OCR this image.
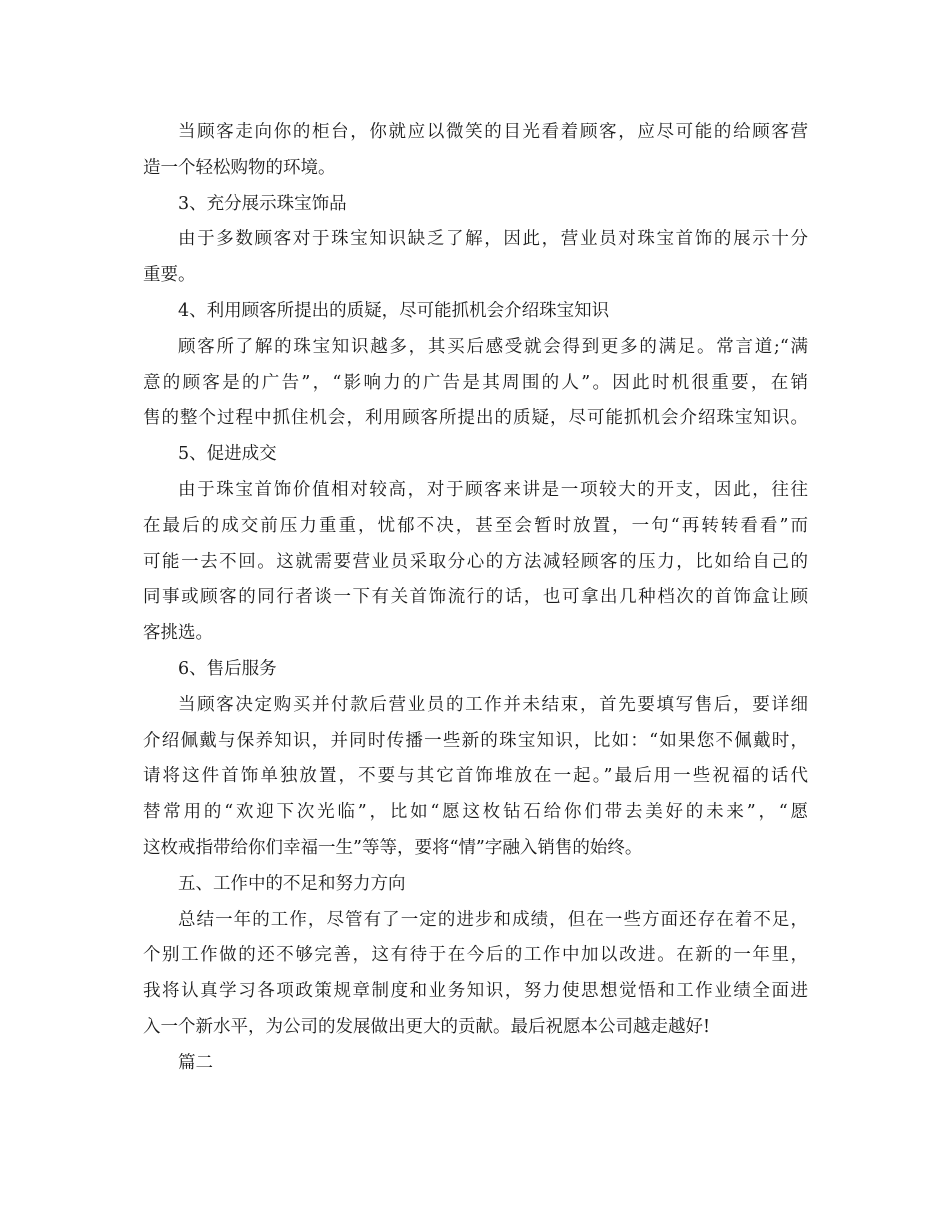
当顾客走向你的柜台，你就应以微笑的目光看着顾客，应尽可能的给顾客营
造一个轻松购物的环境。
3、充分展示珠宝饰品
由于多数顾客对于珠宝知识缺乏了解，因此，营业员对珠宝首饰的展示十分
重要。
4、利用顾客所提出的质疑，尽可能抓机会介绍珠宝知识
顾客所了解的珠宝知识越多，其买后感受就会得到更多的满足。常言道;“满
意的顾客是的广告”，“影响力的广告是其周围的人”。因此时机很重要，在销
售的整个过程中抓住机会，利用顾客所提出的质疑，尽可能抓机会介绍珠宝知识。
5、促进成交
由于珠宝首饰价值相对较高，对于顾客来讲是一项较大的开支，因此，往往
在最后的成交前压力重重，忧郁不决，甚至会暂时放置，一句“再转转看看”而
可能一去不回。这就需要营业员采取分心的方法减轻顾客的压力，比如给自己的
同事或顾客的同行者谈一下有关首饰流行的话，也可拿出几种档次的首饰盒让顾
客挑选。
6、售后服务
当顾客决定购买并付款后营业员的工作并未结束，首先要填写售后，要详细
介绍佩戴与保养知识，并同时传播一些新的珠宝知识，比如：“如果您不佩戴时，
请将这件首饰单独放置，不要与其它首饰堆放在一起。”最后用一些祝福的话代
替常用的“欢迎下次光临”，比如“愿这枚钻石给你们带去美好的未来”，“愿
这枚戒指带给你们幸福一生”等等，要将“情”字融入销售的始终。
五、工作中的不足和努力方向
总结一年的工作，尽管有了一定的进步和成绩，但在一些方面还存在着不足，
个别工作做的还不够完善，这有待于在今后的工作中加以改进。在新的一年里，
我将认真学习各项政策规章制度和业务知识，努力使思想觉悟和工作业绩全面进
入一个新水平，为公司的发展做出更大的贡献。最后祝愿本公司越走越好!
篇二
